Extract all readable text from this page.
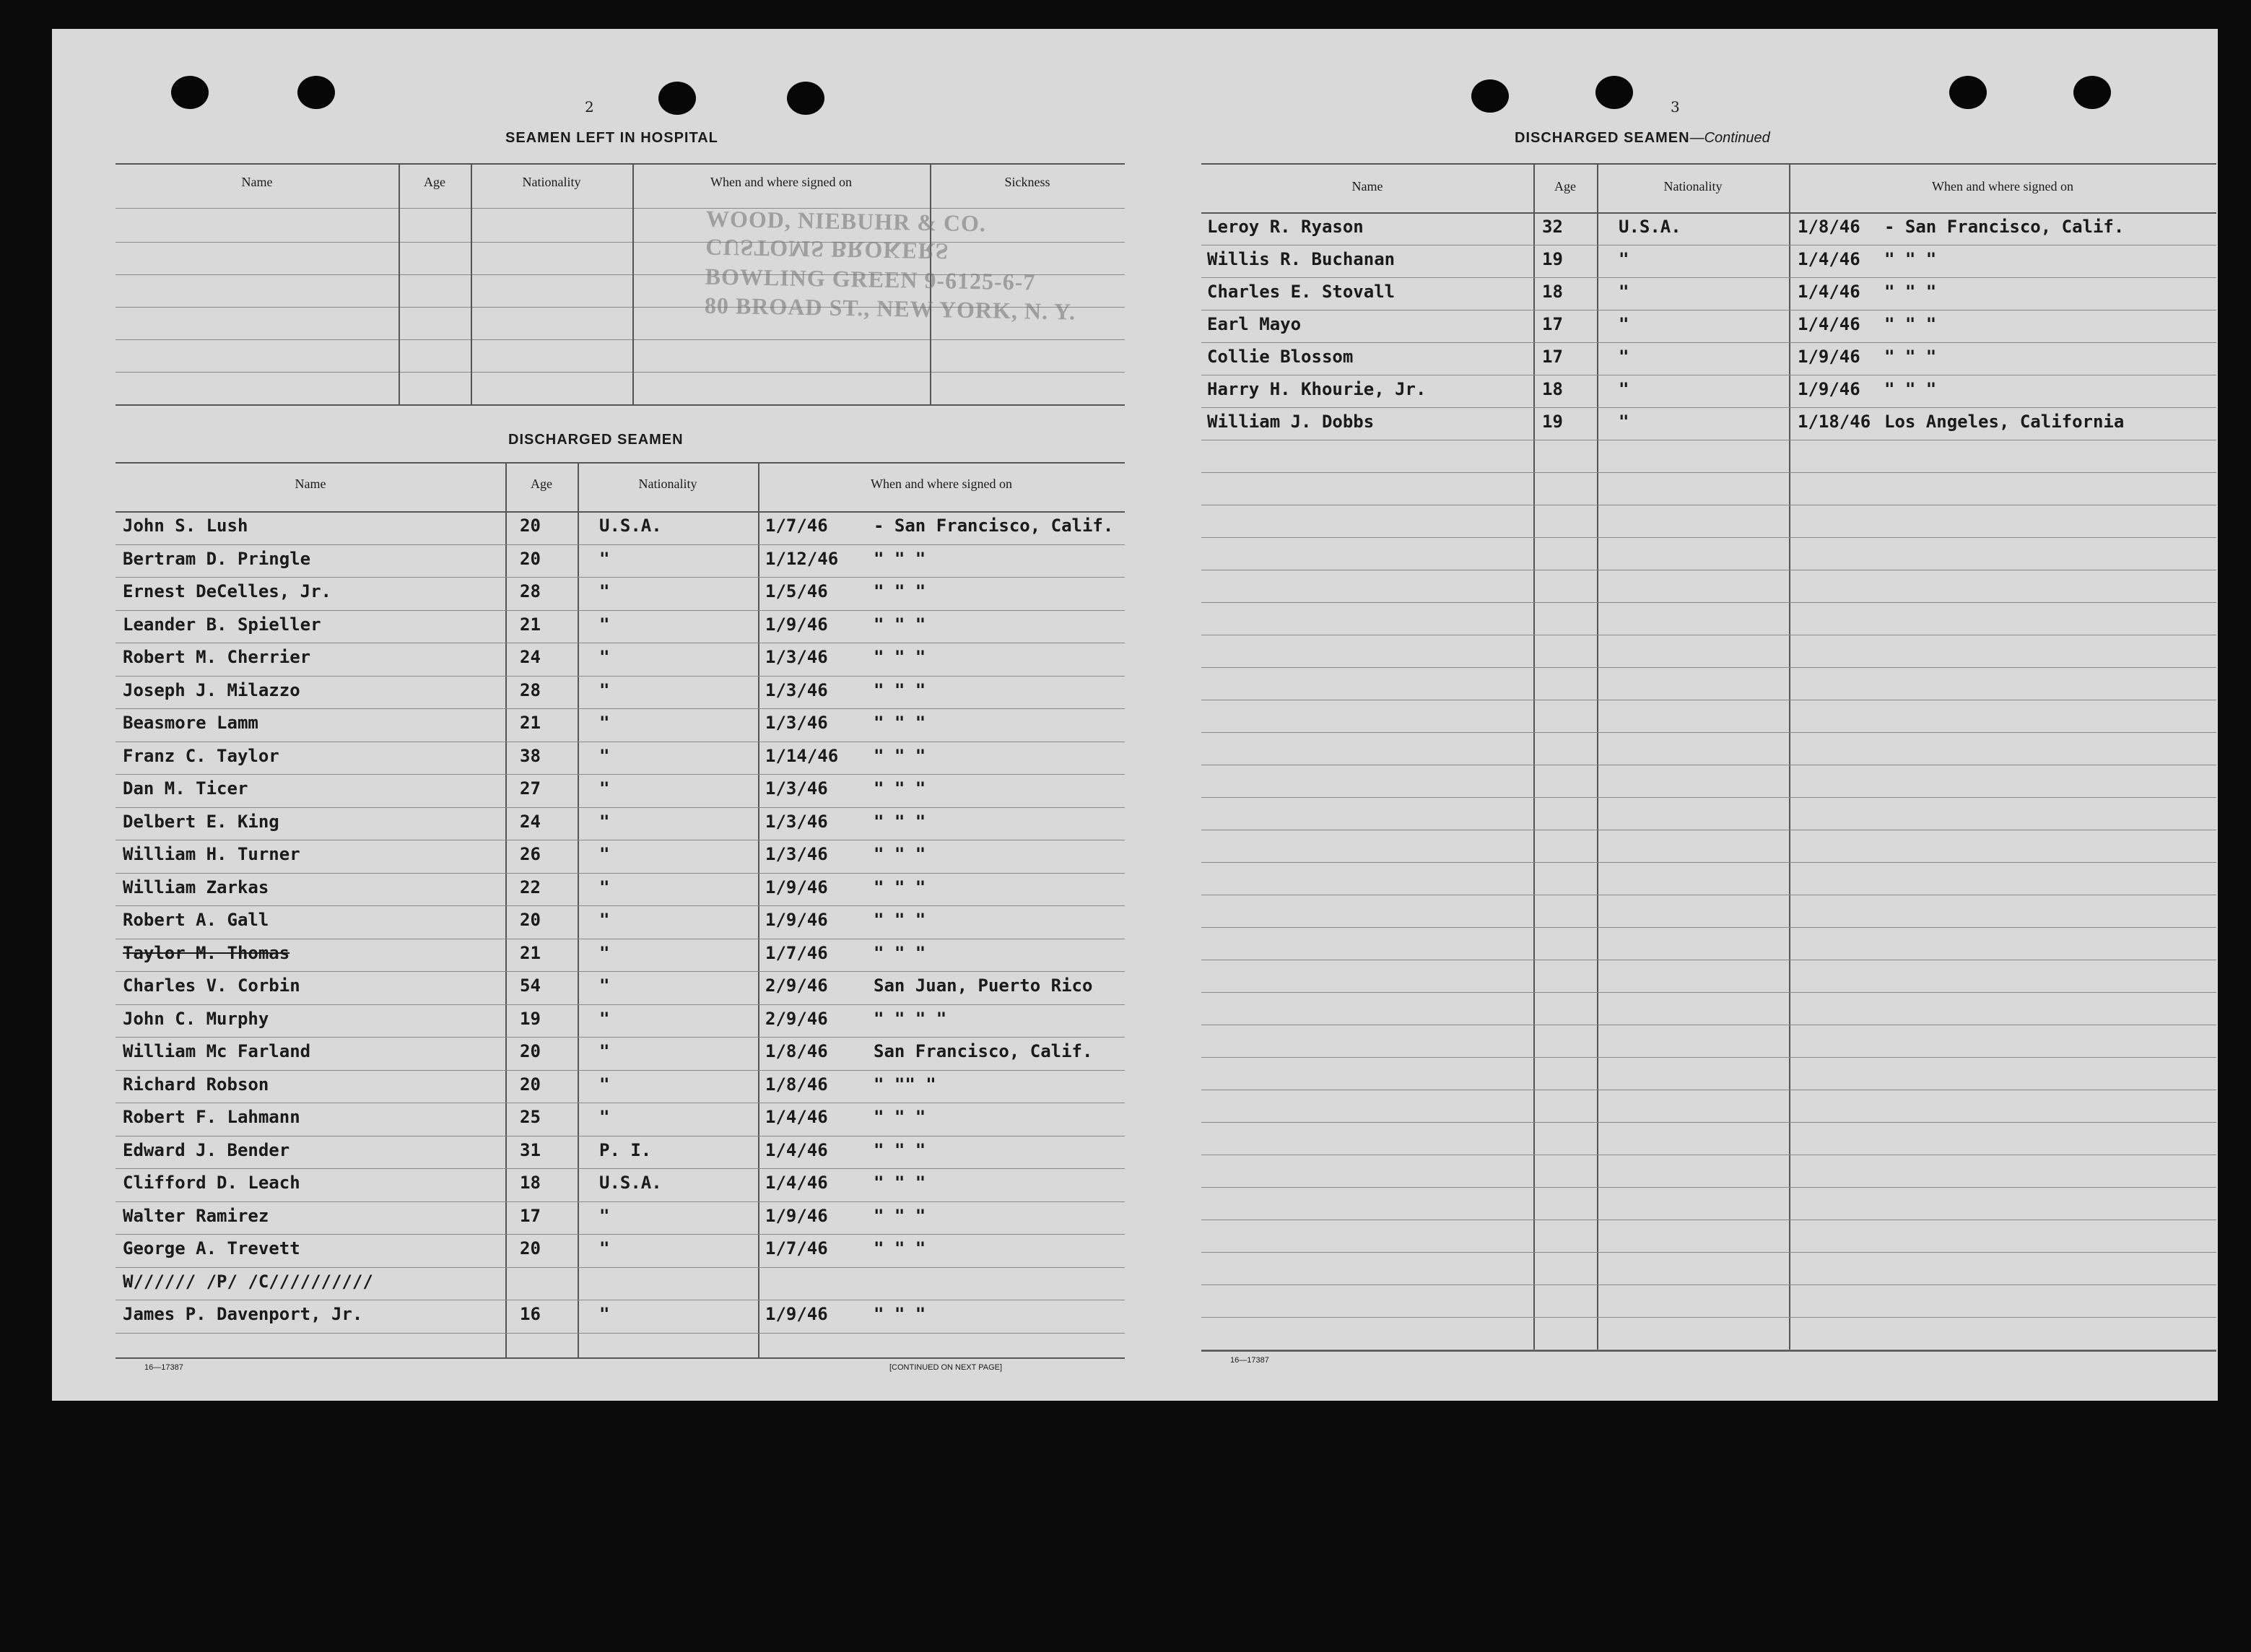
2
SEAMEN LEFT IN HOSPITAL
Name	Age	Nationality	When and where signed on	Sickness
WOOD, NIEBUHR & CO.
CUSTOMS BROKERS
BOWLING GREEN 9-6125-6-7
80 BROAD ST., NEW YORK, N. Y.
DISCHARGED SEAMEN
Name	Age	Nationality	When and where signed on
John S. Lush	20	U.S.A.	1/7/46	- San Francisco, Calif.
Bertram D. Pringle	20	"	1/12/46 " " "
Ernest DeCelles, Jr.	28	"	1/5/46	" " "
Leander B. Spieller	21	"	1/9/46	" " "
Robert M. Cherrier	24	"	1/3/46	" " "
Joseph J. Milazzo	28	"	1/3/46	" " "
Beasmore Lamm	21	"	1/3/46	" " "
Franz C. Taylor	38	"	1/14/46 " " "
Dan M. Ticer	27	"	1/3/46	" " "
Delbert E. King	24	"	1/3/46	" " "
William H. Turner	26	"	1/3/46	" " "
William Zarkas	22	"	1/9/46	" " "
Robert A. Gall	20	"	1/9/46	" " "
Taylor M. Thomas	21	"	1/7/46	" " "
Charles V. Corbin	54	"	2/9/46	San Juan, Puerto Rico
John C. Murphy	19	"	2/9/46	" " " "
William Mc Farland	20	"	1/8/46	San Francisco, Calif.
Richard Robson	20	"	1/8/46	" "" "
Robert F. Lahmann	25	"	1/4/46	" " "
Edward J. Bender	31	P. I.	1/4/46	" " "
Clifford D. Leach	18	U.S.A.	1/4/46	" " "
Walter Ramirez	17	"	1/9/46	" " "
George A. Trevett	20	"	1/7/46	" " "
W////// /P/ /C//////////
James P. Davenport, Jr.	16	"	1/9/46	" " "
16—17387	[CONTINUED ON NEXT PAGE]
3
DISCHARGED SEAMEN—Continued
Name	Age	Nationality	When and where signed on
Leroy R. Ryason	32	U.S.A.	1/8/46 - San Francisco, Calif.
Willis R. Buchanan	19	"	1/4/46 " " "
Charles E. Stovall	18	"	1/4/46 " " "
Earl Mayo	17	"	1/4/46 " " "
Collie Blossom	17	"	1/9/46 " " "
Harry H. Khourie, Jr.	18	"	1/9/46 " " "
William J. Dobbs	19	"	1/18/46 Los Angeles, California
16—17387
